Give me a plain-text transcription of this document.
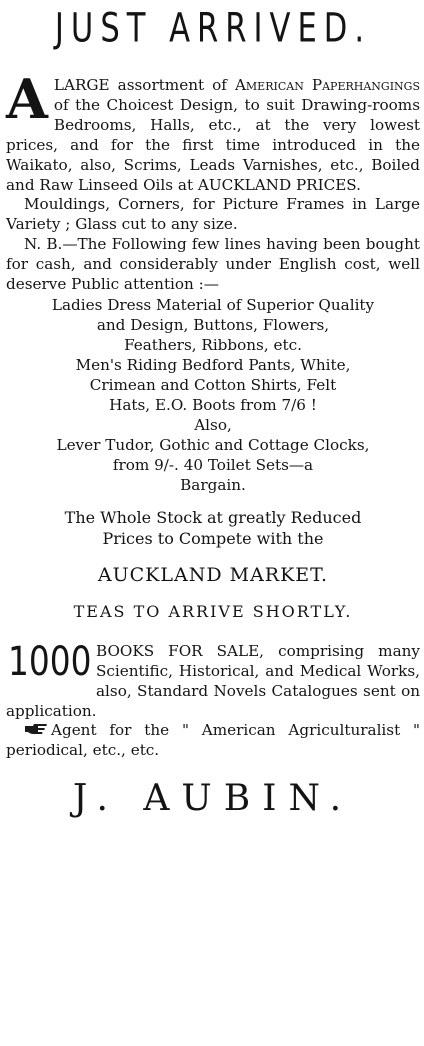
JUST ARRIVED.
A LARGE assortment of American Paperhangings of the Choicest Design, to suit Drawing-rooms Bedrooms, Halls, etc., at the very lowest prices, and for the first time introduced in the Waikato, also, Scrims, Leads Varnishes, etc., Boiled and Raw Linseed Oils at AUCKLAND PRICES.
Mouldings, Corners, for Picture Frames in Large Variety ; Glass cut to any size.
N. B.—The Following few lines having been bought for cash, and considerably under English cost, well deserve Public attention :—
Ladies Dress Material of Superior Quality
and Design, Buttons, Flowers,
Feathers, Ribbons, etc.
Men's Riding Bedford Pants, White,
Crimean and Cotton Shirts, Felt
Hats, E.O. Boots from 7/6 !
Also,
Lever Tudor, Gothic and Cottage Clocks,
from 9/-. 40 Toilet Sets—a
Bargain.
The Whole Stock at greatly Reduced
Prices to Compete with the
AUCKLAND MARKET.
TEAS TO ARRIVE SHORTLY.
1000 BOOKS FOR SALE, comprising many Scientific, Historical, and Medical Works, also, Standard Novels Catalogues sent on application.
Agent for the " American Agriculturalist " periodical, etc., etc.
J. AUBIN.
